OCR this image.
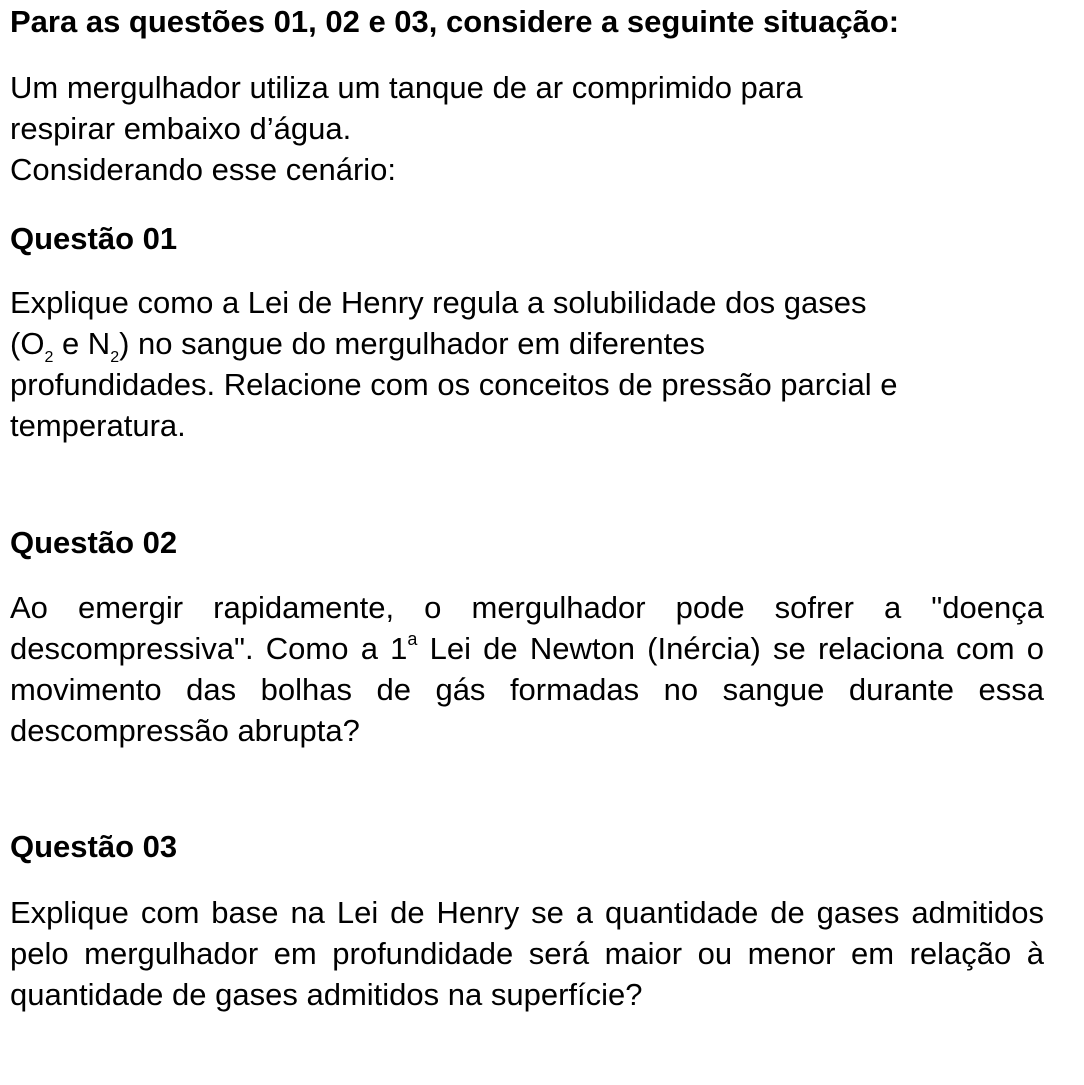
Para as questões 01, 02 e 03, considere a seguinte situação:

Um mergulhador utiliza um tanque de ar comprimido para
respirar embaixo d’água.
Considerando esse cenário:

Questão 01

Explique como a Lei de Henry regula a solubilidade dos gases
($O_2$ e $N_2$) no sangue do mergulhador em diferentes
profundidades. Relacione com os conceitos de pressão parcial e
temperatura.

Questão 02

Ao emergir rapidamente, o mergulhador pode sofrer a "doença descompressiva". Como a 1$^a$ Lei de Newton (Inércia) se relaciona com o movimento das bolhas de gás formadas no sangue durante essa descompressão abrupta?

Questão 03

Explique com base na Lei de Henry se a quantidade de gases admitidos pelo mergulhador em profundidade será maior ou menor em relação à quantidade de gases admitidos na superfície?
